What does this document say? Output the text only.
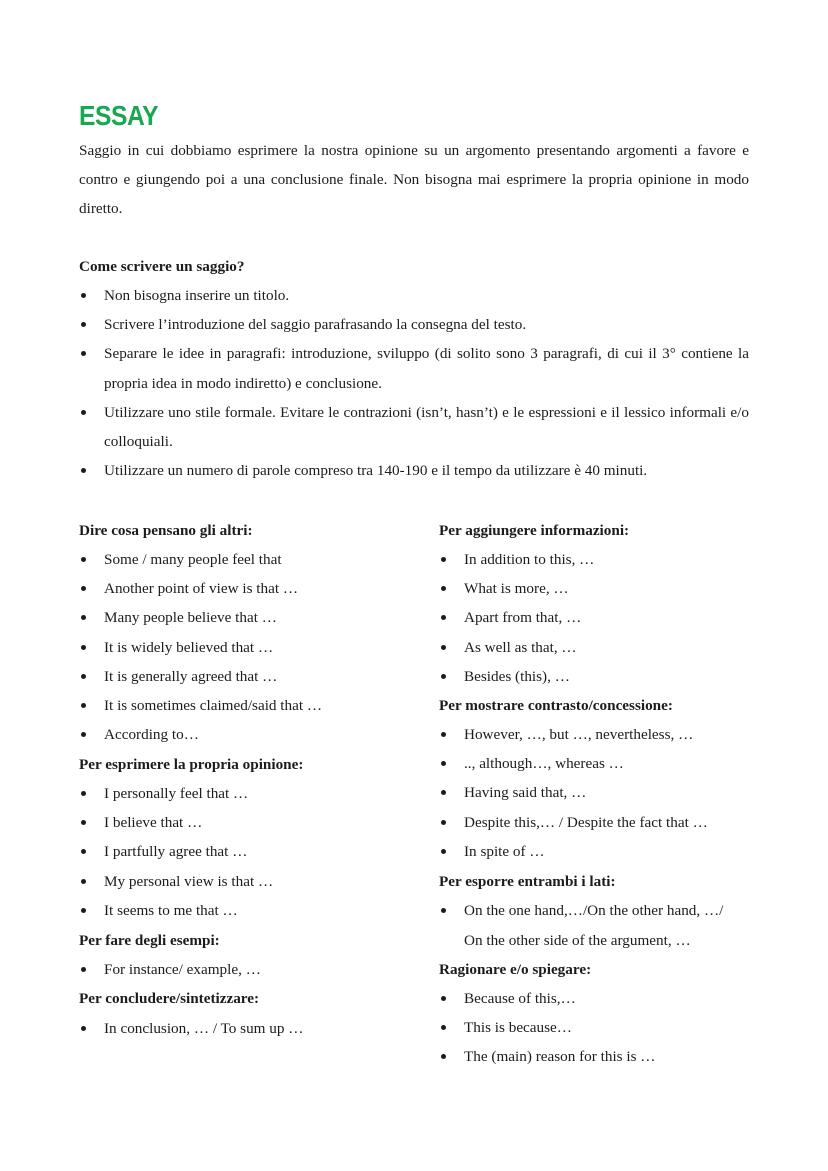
ESSAY

Saggio in cui dobbiamo esprimere la nostra opinione su un argomento presentando argomenti a favore e contro e giungendo poi a una conclusione finale. Non bisogna mai esprimere la propria opinione in modo diretto.

Come scrivere un saggio?

Non bisogna inserire un titolo.
Scrivere l’introduzione del saggio parafrasando la consegna del testo.
Separare le idee in paragrafi: introduzione, sviluppo (di solito sono 3 paragrafi, di cui il 3° contiene la propria idea in modo indiretto) e conclusione.
Utilizzare uno stile formale. Evitare le contrazioni (isn’t, hasn’t) e le espressioni e il lessico informali e/o colloquiali.
Utilizzare un numero di parole compreso tra 140-190 e il tempo da utilizzare è 40 minuti.

Dire cosa pensano gli altri:

Some / many people feel that
Another point of view is that …
Many people believe that …
It is widely believed that …
It is generally agreed that …
It is sometimes claimed/said that …
According to…

Per esprimere la propria opinione:

I personally feel that …
I believe that …
I partfully agree that …
My personal view is that …
It seems to me that …

Per fare degli esempi:

For instance/ example, …

Per concludere/sintetizzare:

In conclusion, … / To sum up …

Per aggiungere informazioni:

In addition to this, …
What is more, …
Apart from that, …
As well as that, …
Besides (this), …

Per mostrare contrasto/concessione:

However, …, but …, nevertheless, …
.., although…, whereas …
Having said that, …
Despite this,… / Despite the fact that …
In spite of …

Per esporre entrambi i lati:

On the one hand,…/On the other hand, …/

On the other side of the argument, …

Ragionare e/o spiegare:

Because of this,…
This is because…
The (main) reason for this is …
